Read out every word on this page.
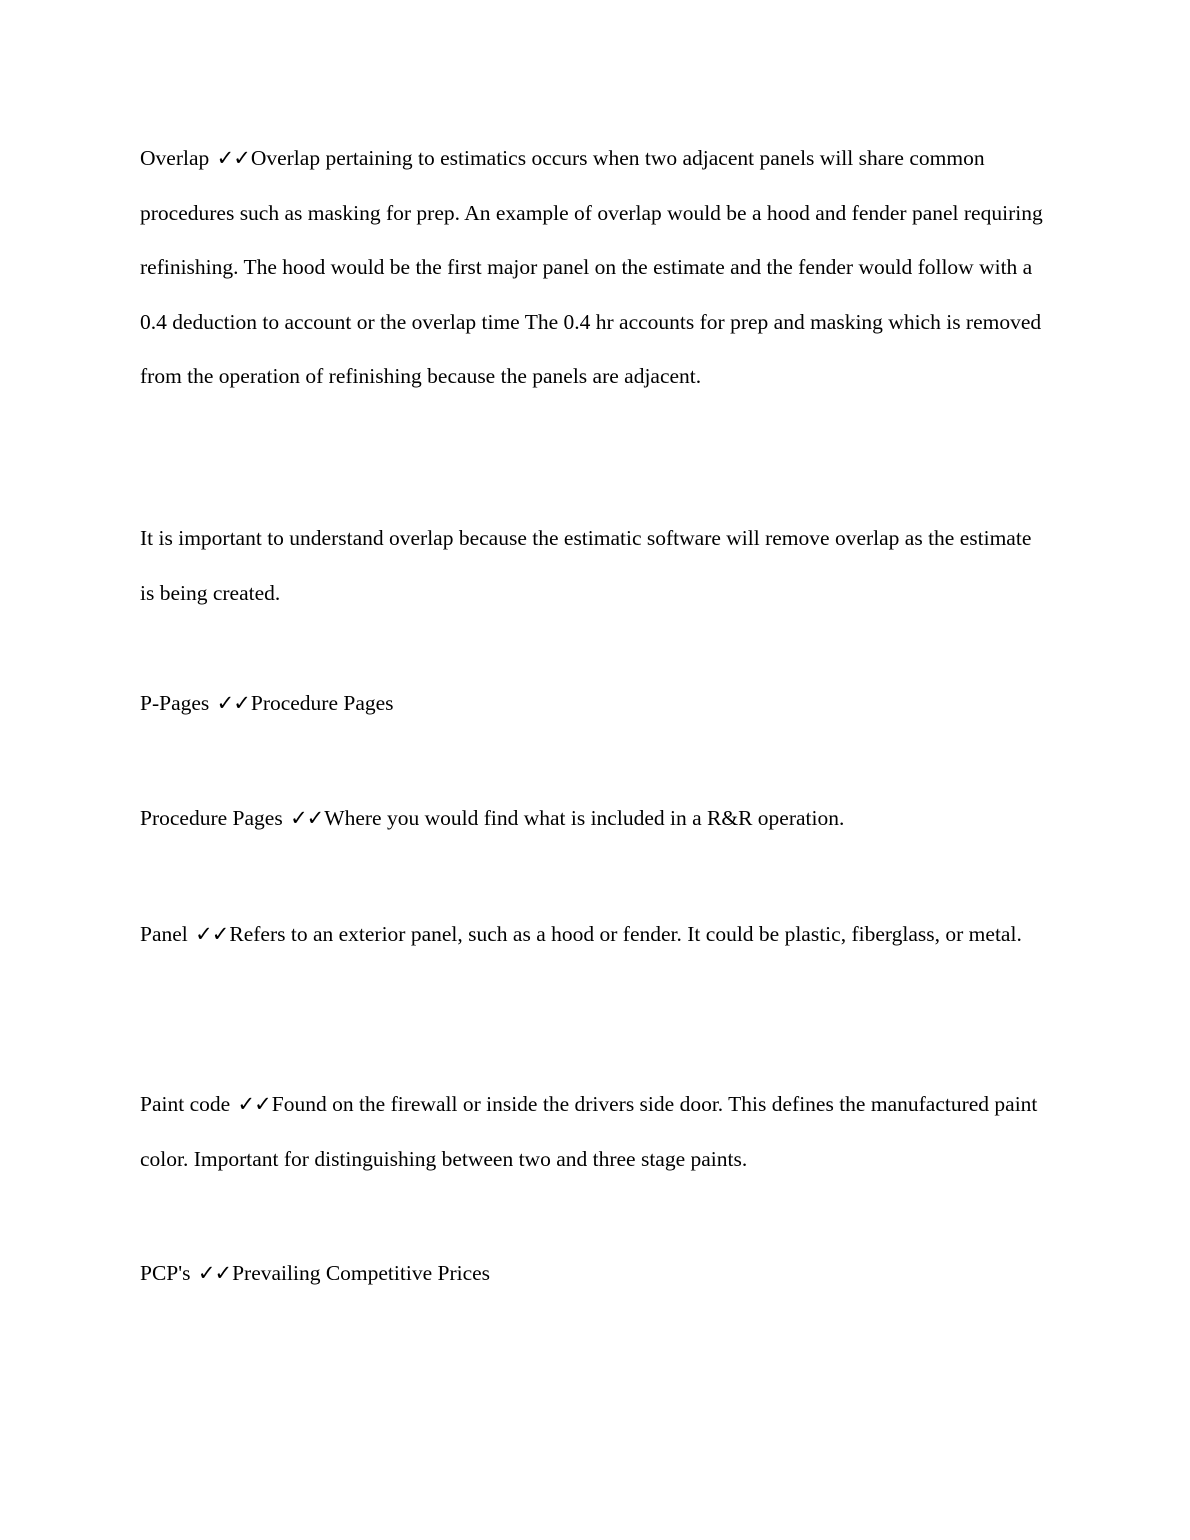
Overlap ✓✓Overlap pertaining to estimatics occurs when two adjacent panels will share common procedures such as masking for prep. An example of overlap would be a hood and fender panel requiring refinishing. The hood would be the first major panel on the estimate and the fender would follow with a 0.4 deduction to account or the overlap time The 0.4 hr accounts for prep and masking which is removed from the operation of refinishing because the panels are adjacent.

It is important to understand overlap because the estimatic software will remove overlap as the estimate is being created.

P-Pages ✓✓Procedure Pages

Procedure Pages ✓✓Where you would find what is included in a R&R operation.

Panel ✓✓Refers to an exterior panel, such as a hood or fender. It could be plastic, fiberglass, or metal.

Paint code ✓✓Found on the firewall or inside the drivers side door. This defines the manufactured paint color. Important for distinguishing between two and three stage paints.

PCP's ✓✓Prevailing Competitive Prices
